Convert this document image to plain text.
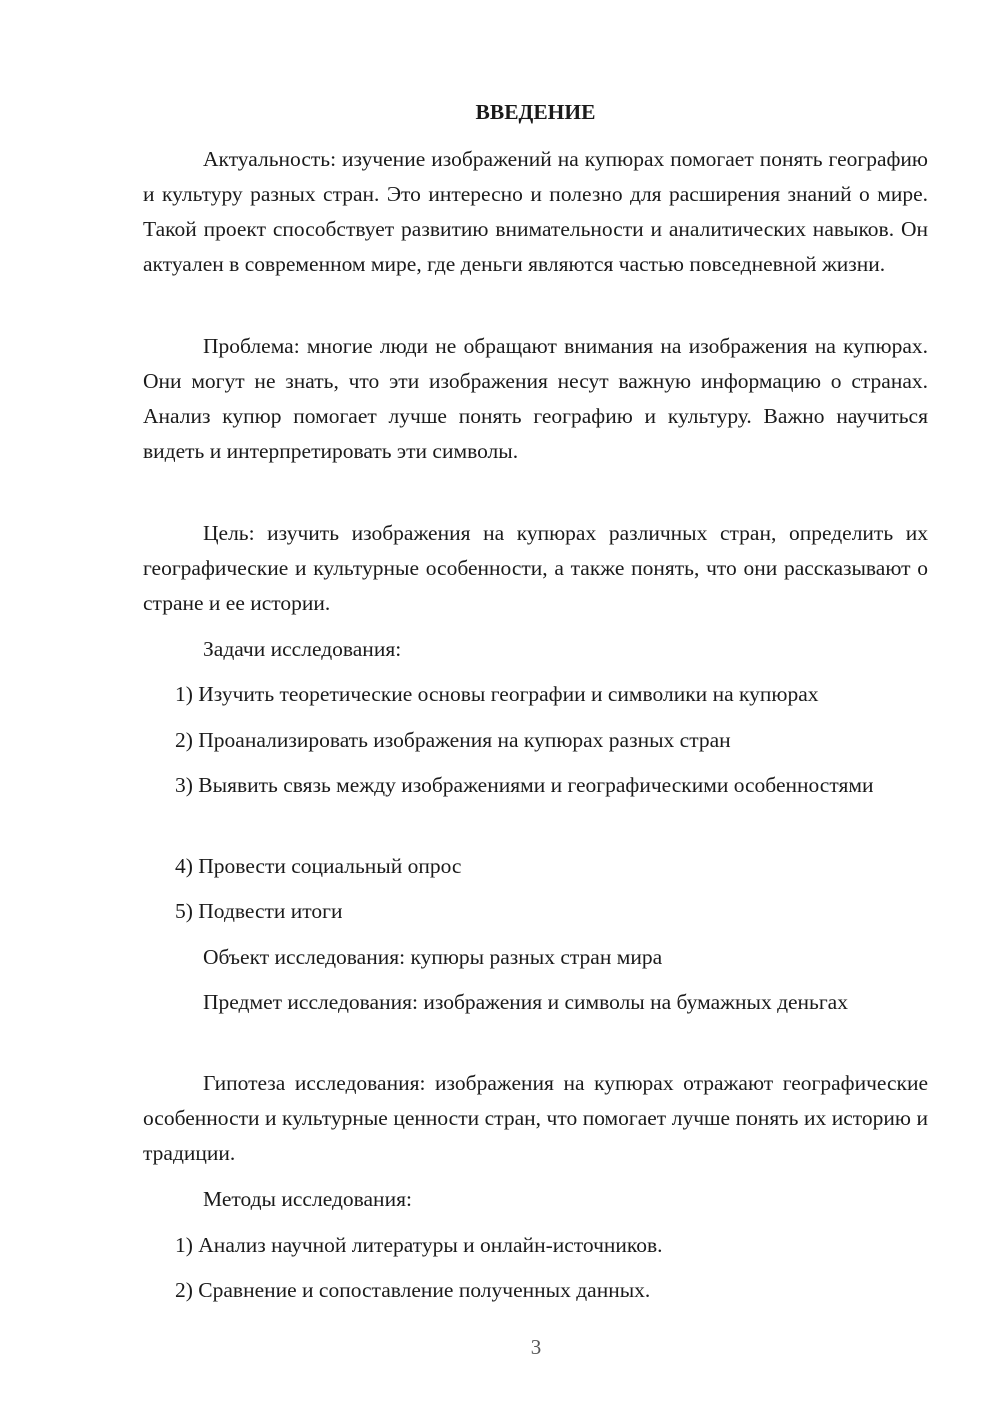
ВВЕДЕНИЕ

Актуальность: изучение изображений на купюрах помогает понять географию и культуру разных стран. Это интересно и полезно для расширения знаний о мире. Такой проект способствует развитию внимательности и аналитических навыков. Он актуален в современном мире, где деньги являются частью повседневной жизни.

Проблема: многие люди не обращают внимания на изображения на купюрах. Они могут не знать, что эти изображения несут важную информацию о странах. Анализ купюр помогает лучше понять географию и культуру. Важно научиться видеть и интерпретировать эти символы.

Цель: изучить изображения на купюрах различных стран, определить их географические и культурные особенности, а также понять, что они рассказывают о стране и ее истории.

Задачи исследования:

1) Изучить теоретические основы географии и символики на купюрах

2) Проанализировать изображения на купюрах разных стран

3) Выявить связь между изображениями и географическими особенностями

4) Провести социальный опрос

5) Подвести итоги

Объект исследования: купюры разных стран мира

Предмет исследования: изображения и символы на бумажных деньгах

Гипотеза исследования: изображения на купюрах отражают географические особенности и культурные ценности стран, что помогает лучше понять их историю и традиции.

Методы исследования:

1) Анализ научной литературы и онлайн-источников.

2) Сравнение и сопоставление полученных данных.

3
